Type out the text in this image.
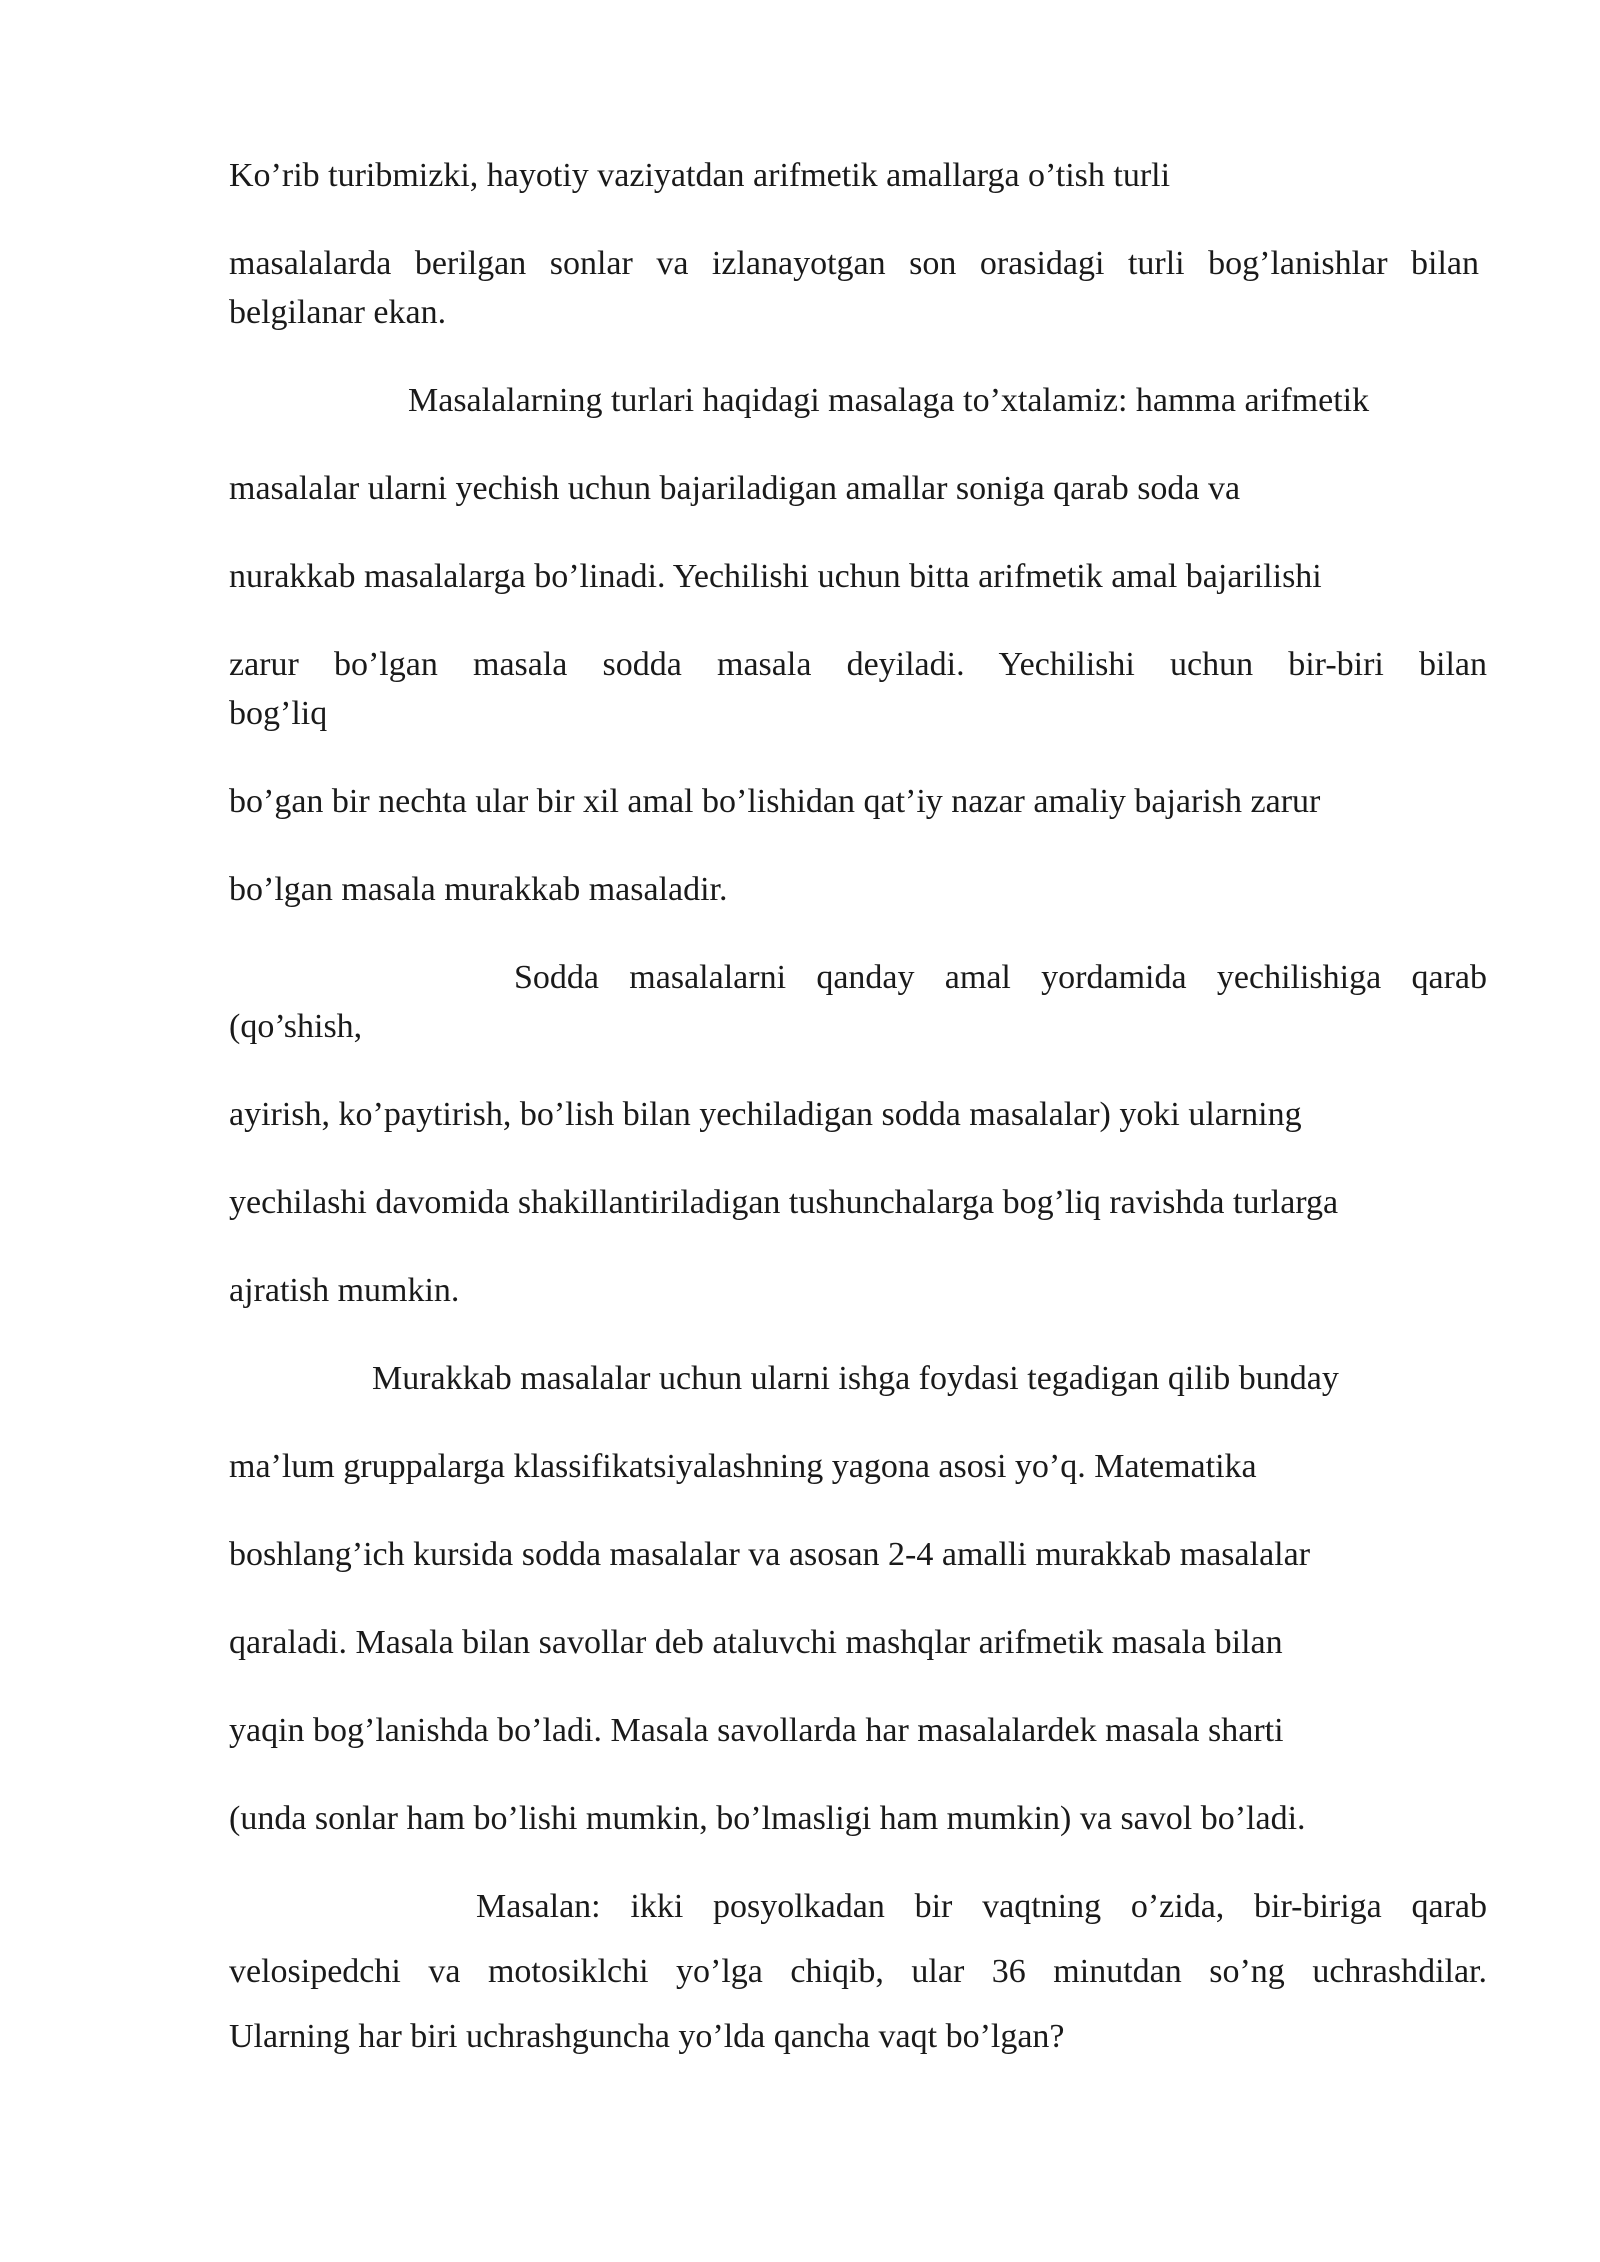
Ko’rib turibmizki, hayotiy vaziyatdan arifmetik amallarga o’tish turli
masalalarda berilgan sonlar va izlanayotgan son orasidagi turli bog’lanishlar bilan
belgilanar ekan.
Masalalarning turlari haqidagi masalaga to’xtalamiz: hamma arifmetik
masalalar ularni yechish uchun bajariladigan amallar soniga qarab soda va
nurakkab masalalarga bo’linadi. Yechilishi uchun bitta arifmetik amal bajarilishi
zarur bo’lgan masala sodda masala deyiladi. Yechilishi uchun bir-biri bilan
bog’liq
bo’gan bir nechta ular bir xil amal bo’lishidan qat’iy nazar amaliy bajarish zarur
bo’lgan masala murakkab masaladir.
Sodda masalalarni qanday amal yordamida yechilishiga qarab
(qo’shish,
ayirish, ko’paytirish, bo’lish bilan yechiladigan sodda masalalar) yoki ularning
yechilashi davomida shakillantiriladigan tushunchalarga bog’liq ravishda turlarga
ajratish mumkin.
Murakkab masalalar uchun ularni ishga foydasi tegadigan qilib bunday
ma’lum gruppalarga klassifikatsiyalashning yagona asosi yo’q. Matematika
boshlang’ich kursida sodda masalalar va asosan 2-4 amalli murakkab masalalar
qaraladi. Masala bilan savollar deb ataluvchi mashqlar arifmetik masala bilan
yaqin bog’lanishda bo’ladi. Masala savollarda har masalalardek masala sharti
(unda sonlar ham bo’lishi mumkin, bo’lmasligi ham mumkin) va savol bo’ladi.
Masalan: ikki posyolkadan bir vaqtning o’zida, bir-biriga qarab
velosipedchi va motosiklchi yo’lga chiqib, ular 36 minutdan so’ng uchrashdilar.
Ularning har biri uchrashguncha yo’lda qancha vaqt bo’lgan?
